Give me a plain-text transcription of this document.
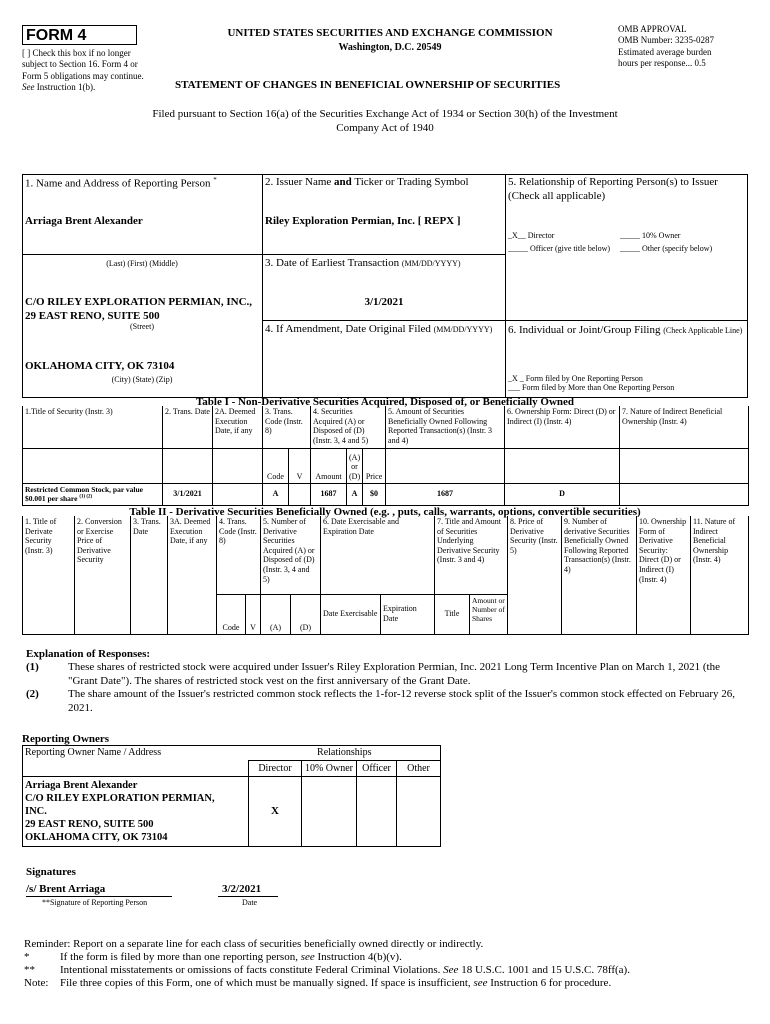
FORM 4
[ ] Check this box if no longer subject to Section 16. Form 4 or Form 5 obligations may continue. See Instruction 1(b).
UNITED STATES SECURITIES AND EXCHANGE COMMISSION
Washington, D.C. 20549
STATEMENT OF CHANGES IN BENEFICIAL OWNERSHIP OF SECURITIES
OMB APPROVAL
OMB Number: 3235-0287
Estimated average burden
hours per response... 0.5
Filed pursuant to Section 16(a) of the Securities Exchange Act of 1934 or Section 30(h) of the Investment Company Act of 1940
1. Name and Address of Reporting Person *
Arriaga Brent Alexander
(Last) (First) (Middle)
C/O RILEY EXPLORATION PERMIAN, INC., 29 EAST RENO, SUITE 500
(Street)
OKLAHOMA CITY, OK 73104
(City) (State) (Zip)
2. Issuer Name and Ticker or Trading Symbol
Riley Exploration Permian, Inc. [ REPX ]
3. Date of Earliest Transaction (MM/DD/YYYY)
3/1/2021
4. If Amendment, Date Original Filed (MM/DD/YYYY)
5. Relationship of Reporting Person(s) to Issuer (Check all applicable)
_X__ Director	_____ 10% Owner
_____ Officer (give title below) _____ Other (specify below)
6. Individual or Joint/Group Filing (Check Applicable Line)
_X _ Form filed by One Reporting Person
___ Form filed by More than One Reporting Person
Table I - Non-Derivative Securities Acquired, Disposed of, or Beneficially Owned
1.Title of Security (Instr. 3)	2. Trans. Date	2A. Deemed Execution Date, if any	3. Trans. Code (Instr. 8)		4. Securities Acquired (A) or Disposed of (D) (Instr. 3, 4 and 5)			5. Amount of Securities Beneficially Owned Following Reported Transaction(s) (Instr. 3 and 4)	6. Ownership Form: Direct (D) or Indirect (I) (Instr. 4)	7. Nature of Indirect Beneficial Ownership (Instr. 4)
			Code	V	Amount	(A) or (D)	Price			
Restricted Common Stock, par value $0.001 per share $^{(1) (2)}$	3/1/2021		A		1687	A	$0	1687	D	
Table II - Derivative Securities Beneficially Owned (e.g. , puts, calls, warrants, options, convertible securities)
1. Title of Derivate Security (Instr. 3)	2. Conversion or Exercise Price of Derivative Security	3. Trans. Date	3A. Deemed Execution Date, if any	4. Trans. Code (Instr. 8)		5. Number of Derivative Securities Acquired (A) or Disposed of (D) (Instr. 3, 4 and 5)		6. Date Exercisable and Expiration Date		7. Title and Amount of Securities Underlying Derivative Security (Instr. 3 and 4)		8. Price of Derivative Security (Instr. 5)	9. Number of derivative Securities Beneficially Owned Following Reported Transaction(s) (Instr. 4)	10. Ownership Form of Derivative Security: Direct (D) or Indirect (I) (Instr. 4)	11. Nature of Indirect Beneficial Ownership (Instr. 4)
				Code	V	(A)	(D)	Date Exercisable	Expiration Date	Title	Amount or Number of Shares				
Explanation of Responses:
(1)	These shares of restricted stock were acquired under Issuer's Riley Exploration Permian, Inc. 2021 Long Term Incentive Plan on March 1, 2021 (the "Grant Date"). The shares of restricted stock vest on the first anniversary of the Grant Date.
(2)	The share amount of the Issuer's restricted common stock reflects the 1-for-12 reverse stock split of the Issuer's common stock effected on February 26, 2021.
Reporting Owners
Reporting Owner Name / Address	Relationships			
	Director	10% Owner	Officer	Other

Arriaga Brent Alexander
C/O RILEY EXPLORATION PERMIAN,
INC.
29 EAST RENO, SUITE 500
OKLAHOMA CITY, OK 73104	X			
Signatures
/s/ Brent Arriaga	3/2/2021
**Signature of Reporting Person	Date
Reminder: Report on a separate line for each class of securities beneficially owned directly or indirectly.
*	If the form is filed by more than one reporting person, see Instruction 4(b)(v).
** Intentional misstatements or omissions of facts constitute Federal Criminal Violations. See 18 U.S.C. 1001 and 15 U.S.C. 78ff(a).
Note: File three copies of this Form, one of which must be manually signed. If space is insufficient, see Instruction 6 for procedure.
